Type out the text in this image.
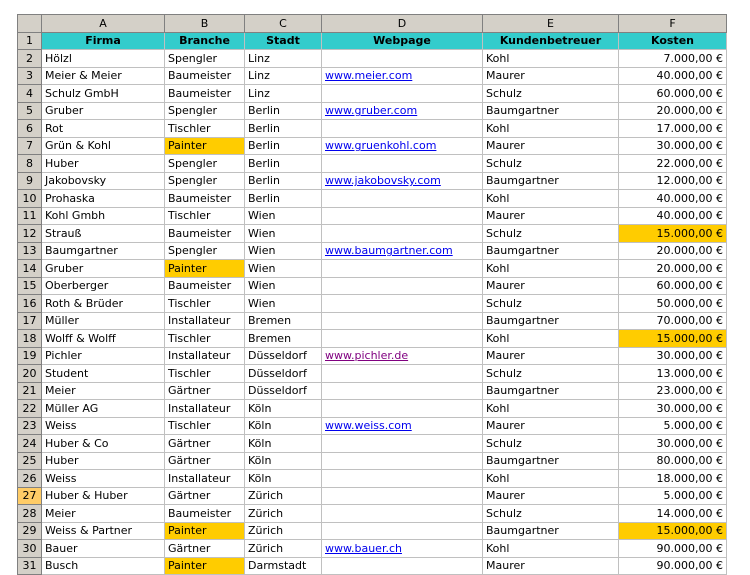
	A	B	C	D	E	F
1	Firma	Branche	Stadt	Webpage	Kundenbetreuer	Kosten
2	Hölzl	Spengler	Linz		Kohl	7.000,00 €
3	Meier & Meier	Baumeister	Linz	www.meier.com	Maurer	40.000,00 €
4	Schulz GmbH	Baumeister	Linz		Schulz	60.000,00 €
5	Gruber	Spengler	Berlin	www.gruber.com	Baumgartner	20.000,00 €
6	Rot	Tischler	Berlin		Kohl	17.000,00 €
7	Grün & Kohl	Painter	Berlin	www.gruenkohl.com	Maurer	30.000,00 €
8	Huber	Spengler	Berlin		Schulz	22.000,00 €
9	Jakobovsky	Spengler	Berlin	www.jakobovsky.com	Baumgartner	12.000,00 €
10	Prohaska	Baumeister	Berlin		Kohl	40.000,00 €
11	Kohl Gmbh	Tischler	Wien		Maurer	40.000,00 €
12	Strauß	Baumeister	Wien		Schulz	15.000,00 €
13	Baumgartner	Spengler	Wien	www.baumgartner.com	Baumgartner	20.000,00 €
14	Gruber	Painter	Wien		Kohl	20.000,00 €
15	Oberberger	Baumeister	Wien		Maurer	60.000,00 €
16	Roth & Brüder	Tischler	Wien		Schulz	50.000,00 €
17	Müller	Installateur	Bremen		Baumgartner	70.000,00 €
18	Wolff & Wolff	Tischler	Bremen		Kohl	15.000,00 €
19	Pichler	Installateur	Düsseldorf	www.pichler.de	Maurer	30.000,00 €
20	Student	Tischler	Düsseldorf		Schulz	13.000,00 €
21	Meier	Gärtner	Düsseldorf		Baumgartner	23.000,00 €
22	Müller AG	Installateur	Köln		Kohl	30.000,00 €
23	Weiss	Tischler	Köln	www.weiss.com	Maurer	5.000,00 €
24	Huber & Co	Gärtner	Köln		Schulz	30.000,00 €
25	Huber	Gärtner	Köln		Baumgartner	80.000,00 €
26	Weiss	Installateur	Köln		Kohl	18.000,00 €
27	Huber & Huber	Gärtner	Zürich		Maurer	5.000,00 €
28	Meier	Baumeister	Zürich		Schulz	14.000,00 €
29	Weiss & Partner	Painter	Zürich		Baumgartner	15.000,00 €
30	Bauer	Gärtner	Zürich	www.bauer.ch	Kohl	90.000,00 €
31	Busch	Painter	Darmstadt		Maurer	90.000,00 €
